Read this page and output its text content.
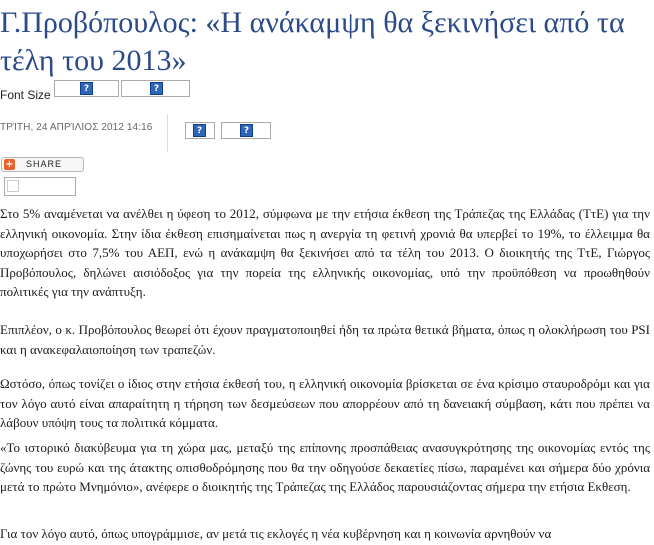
Γ.Προβόπουλος: «Η ανάκαμψη θα ξεκινήσει από τα τέλη του 2013»
Font Size	?	?
ΤΡΊΤΗ, 24 ΑΠΡΊΛΙΟΣ 2012 14:16	?	?
+ SHARE

Στο 5% αναμένεται να ανέλθει η ύφεση το 2012, σύμφωνα με την ετήσια έκθεση της Τράπεζας της Ελλάδας (ΤτΕ) για την ελληνική οικονομία. Στην ίδια έκθεση επισημαίνεται πως η ανεργία τη φετινή χρονιά θα υπερβεί το 19%, το έλλειμμα θα υποχωρήσει στο 7,5% του ΑΕΠ, ενώ η ανάκαμψη θα ξεκινήσει από τα τέλη του 2013. Ο διοικητής της ΤτΕ, Γιώργος Προβόπουλος, δηλώνει αισιόδοξος για την πορεία της ελληνικής οικονομίας, υπό την προϋπόθεση να προωθηθούν πολιτικές για την ανάπτυξη.

Επιπλέον, ο κ. Προβόπουλος θεωρεί ότι έχουν πραγματοποιηθεί ήδη τα πρώτα θετικά βήματα, όπως η ολοκλήρωση του PSI και η ανακεφαλαιοποίηση των τραπεζών.

Ωστόσο, όπως τονίζει ο ίδιος στην ετήσια έκθεσή του, η ελληνική οικονομία βρίσκεται σε ένα κρίσιμο σταυροδρόμι και για τον λόγο αυτό είναι απαραίτητη η τήρηση των δεσμεύσεων που απορρέουν από τη δανειακή σύμβαση, κάτι που πρέπει να λάβουν υπόψη τους τα πολιτικά κόμματα.

«Το ιστορικό διακύβευμα για τη χώρα μας, μεταξύ της επίπονης προσπάθειας ανασυγκρότησης της οικονομίας εντός της ζώνης του ευρώ και της άτακτης οπισθοδρόμησης που θα την οδηγούσε δεκαετίες πίσω, παραμένει και σήμερα δύο χρόνια μετά το πρώτο Μνημόνιο», ανέφερε ο διοικητής της Τράπεζας της Ελλάδος παρουσιάζοντας σήμερα την ετήσια Εκθεση.

Για τον λόγο αυτό, όπως υπογράμμισε, αν μετά τις εκλογές η νέα κυβέρνηση και η κοινωνία αρνηθούν να
